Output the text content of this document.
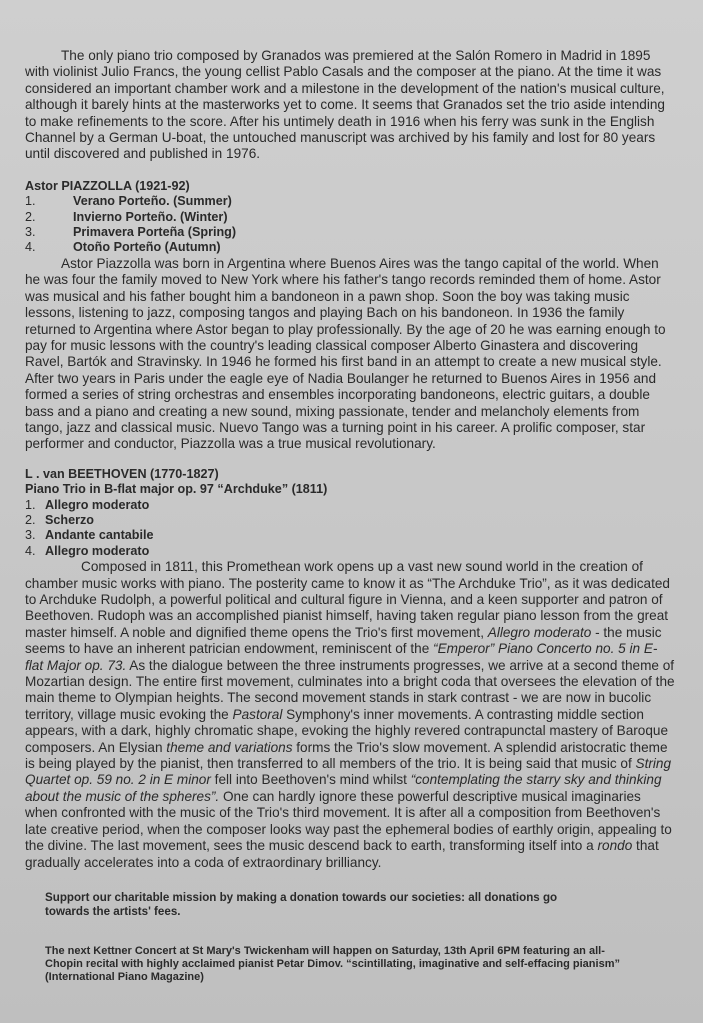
The only piano trio composed by Granados was premiered at the Salón Romero in Madrid in 1895 with violinist Julio Francs, the young cellist Pablo Casals and the composer at the piano. At the time it was considered an important chamber work and a milestone in the development of the nation's musical culture, although it barely hints at the masterworks yet to come. It seems that Granados set the trio aside intending to make refinements to the score. After his untimely death in 1916 when his ferry was sunk in the English Channel by a German U-boat, the untouched manuscript was archived by his family and lost for 80 years until discovered and published in 1976.

Astor PIAZZOLLA (1921-92)

1.	Verano Porteño. (Summer)
2.	Invierno Porteño. (Winter)
3.	Primavera Porteña (Spring)
4.	Otoño Porteño (Autumn)

Astor Piazzolla was born in Argentina where Buenos Aires was the tango capital of the world. When he was four the family moved to New York where his father's tango records reminded them of home. Astor was musical and his father bought him a bandoneon in a pawn shop. Soon the boy was taking music lessons, listening to jazz, composing tangos and playing Bach on his bandoneon. In 1936 the family returned to Argentina where Astor began to play professionally. By the age of 20 he was earning enough to pay for music lessons with the country's leading classical composer Alberto Ginastera and discovering Ravel, Bartók and Stravinsky. In 1946 he formed his first band in an attempt to create a new musical style. After two years in Paris under the eagle eye of Nadia Boulanger he returned to Buenos Aires in 1956 and formed a series of string orchestras and ensembles incorporating bandoneons, electric guitars, a double bass and a piano and creating a new sound, mixing passionate, tender and melancholy elements from tango, jazz and classical music. Nuevo Tango was a turning point in his career. A prolific composer, star performer and conductor, Piazzolla was a true musical revolutionary.

L . van BEETHOVEN (1770-1827)

Piano Trio in B-flat major op. 97 “Archduke” (1811)

1. Allegro moderato
2. Scherzo
3. Andante cantabile
4. Allegro moderato

Composed in 1811, this Promethean work opens up a vast new sound world in the creation of chamber music works with piano. The posterity came to know it as “The Archduke Trio”, as it was dedicated to Archduke Rudolph, a powerful political and cultural figure in Vienna, and a keen supporter and patron of Beethoven. Rudoph was an accomplished pianist himself, having taken regular piano lesson from the great master himself. A noble and dignified theme opens the Trio's first movement, Allegro moderato - the music seems to have an inherent patrician endowment, reminiscent of the “Emperor” Piano Concerto no. 5 in E-flat Major op. 73. As the dialogue between the three instruments progresses, we arrive at a second theme of Mozartian design. The entire first movement, culminates into a bright coda that oversees the elevation of the main theme to Olympian heights. The second movement stands in stark contrast - we are now in bucolic territory, village music evoking the Pastoral Symphony's inner movements. A contrasting middle section appears, with a dark, highly chromatic shape, evoking the highly revered contrapunctal mastery of Baroque composers. An Elysian theme and variations forms the Trio's slow movement. A splendid aristocratic theme is being played by the pianist, then transferred to all members of the trio. It is being said that music of String Quartet op. 59 no. 2 in E minor fell into Beethoven's mind whilst “contemplating the starry sky and thinking about the music of the spheres”. One can hardly ignore these powerful descriptive musical imaginaries when confronted with the music of the Trio's third movement. It is after all a composition from Beethoven's late creative period, when the composer looks way past the ephemeral bodies of earthly origin, appealing to the divine. The last movement, sees the music descend back to earth, transforming itself into a rondo that gradually accelerates into a coda of extraordinary brilliancy.

Support our charitable mission by making a donation towards our societies: all donations go towards the artists' fees.

The next Kettner Concert at St Mary's Twickenham will happen on Saturday, 13th April 6PM featuring an all-Chopin recital with highly acclaimed pianist Petar Dimov. “scintillating, imaginative and self-effacing pianism” (International Piano Magazine)
